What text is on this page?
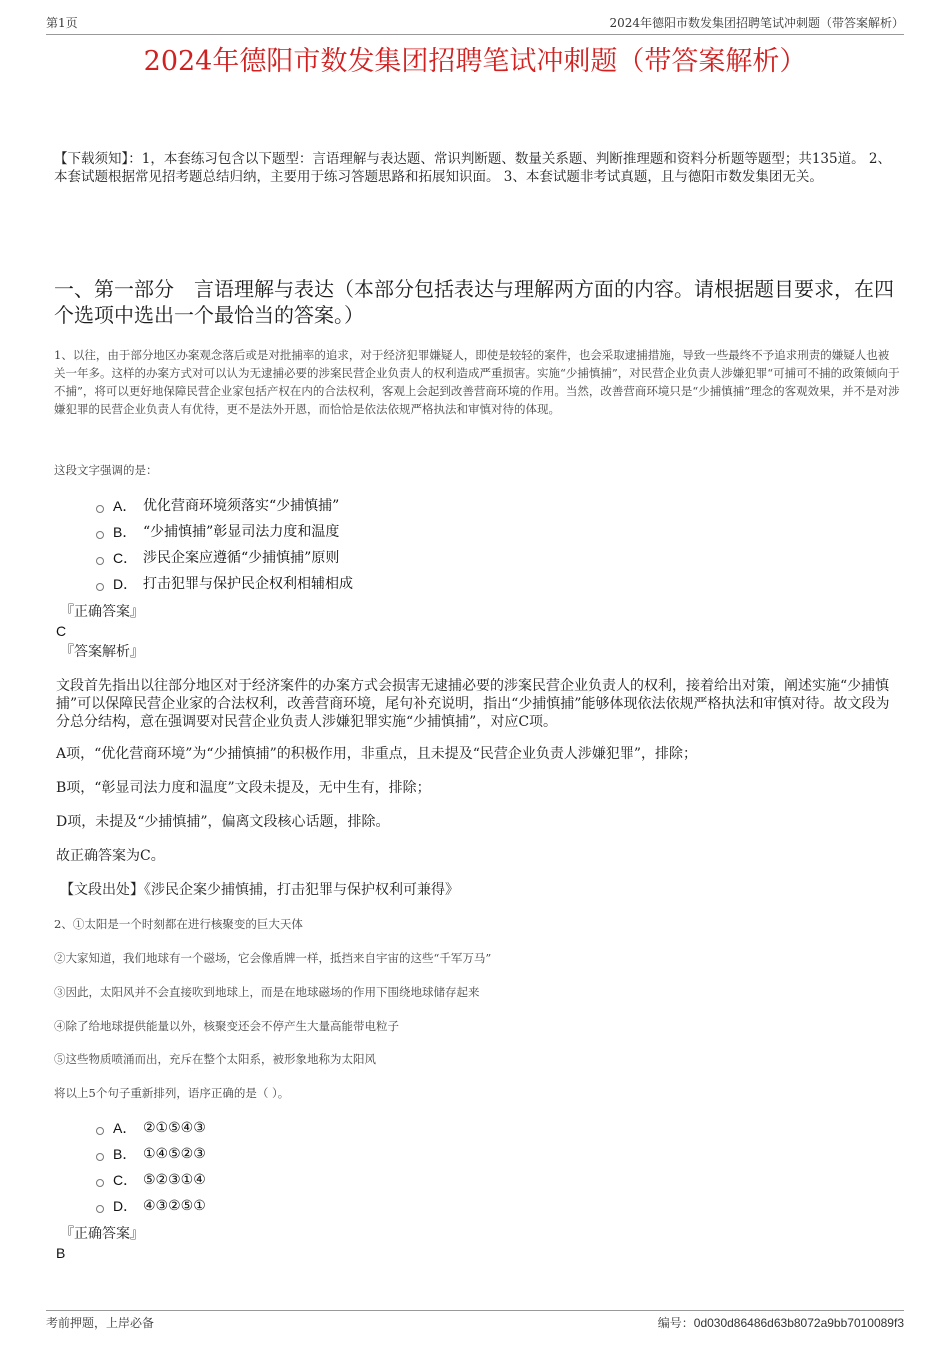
第1页	2024年德阳市数发集团招聘笔试冲刺题（带答案解析）
2024年德阳市数发集团招聘笔试冲刺题（带答案解析）
【下载须知】：1，本套练习包含以下题型：言语理解与表达题、常识判断题、数量关系题、判断推理题和资料分析题等题型；共135道。 2、本套试题根据常见招考题总结归纳，主要用于练习答题思路和拓展知识面。 3、本套试题非考试真题，且与德阳市数发集团无关。
一、第一部分　言语理解与表达（本部分包括表达与理解两方面的内容。请根据题目要求，在四个选项中选出一个最恰当的答案。）
1、以往，由于部分地区办案观念落后或是对批捕率的追求，对于经济犯罪嫌疑人，即使是较轻的案件，也会采取逮捕措施，导致一些最终不予追求刑责的嫌疑人也被关一年多。这样的办案方式对可以认为无逮捕必要的涉案民营企业负责人的权利造成严重损害。实施“少捕慎捕”，对民营企业负责人涉嫌犯罪“可捕可不捕的政策倾向于不捕”，将可以更好地保障民营企业家包括产权在内的合法权利，客观上会起到改善营商环境的作用。当然，改善营商环境只是“少捕慎捕”理念的客观效果，并不是对涉嫌犯罪的民营企业负责人有优待，更不是法外开恩，而恰恰是依法依规严格执法和审慎对待的体现。
这段文字强调的是：
A． 优化营商环境须落实“少捕慎捕”
B． “少捕慎捕”彰显司法力度和温度
C． 涉民企案应遵循“少捕慎捕”原则
D． 打击犯罪与保护民企权利相辅相成
『正确答案』
C
『答案解析』
文段首先指出以往部分地区对于经济案件的办案方式会损害无逮捕必要的涉案民营企业负责人的权利，接着给出对策，阐述实施“少捕慎捕”可以保障民营企业家的合法权利，改善营商环境，尾句补充说明，指出“少捕慎捕”能够体现依法依规严格执法和审慎对待。故文段为分总分结构，意在强调要对民营企业负责人涉嫌犯罪实施“少捕慎捕”，对应C项。
A项，“优化营商环境”为“少捕慎捕”的积极作用，非重点，且未提及“民营企业负责人涉嫌犯罪”，排除；
B项，“彰显司法力度和温度”文段未提及，无中生有，排除；
D项，未提及“少捕慎捕”，偏离文段核心话题，排除。
故正确答案为C。
【文段出处】《涉民企案少捕慎捕，打击犯罪与保护权利可兼得》
2、①太阳是一个时刻都在进行核聚变的巨大天体
②大家知道，我们地球有一个磁场，它会像盾牌一样，抵挡来自宇宙的这些“千军万马”
③因此，太阳风并不会直接吹到地球上，而是在地球磁场的作用下围绕地球储存起来
④除了给地球提供能量以外，核聚变还会不停产生大量高能带电粒子
⑤这些物质喷涌而出，充斥在整个太阳系，被形象地称为太阳风
将以上5个句子重新排列，语序正确的是（ ）。
A． ②①⑤④③
B． ①④⑤②③
C． ⑤②③①④
D． ④③②⑤①
『正确答案』
B
考前押题，上岸必备	编号：0d030d86486d63b8072a9bb7010089f3
